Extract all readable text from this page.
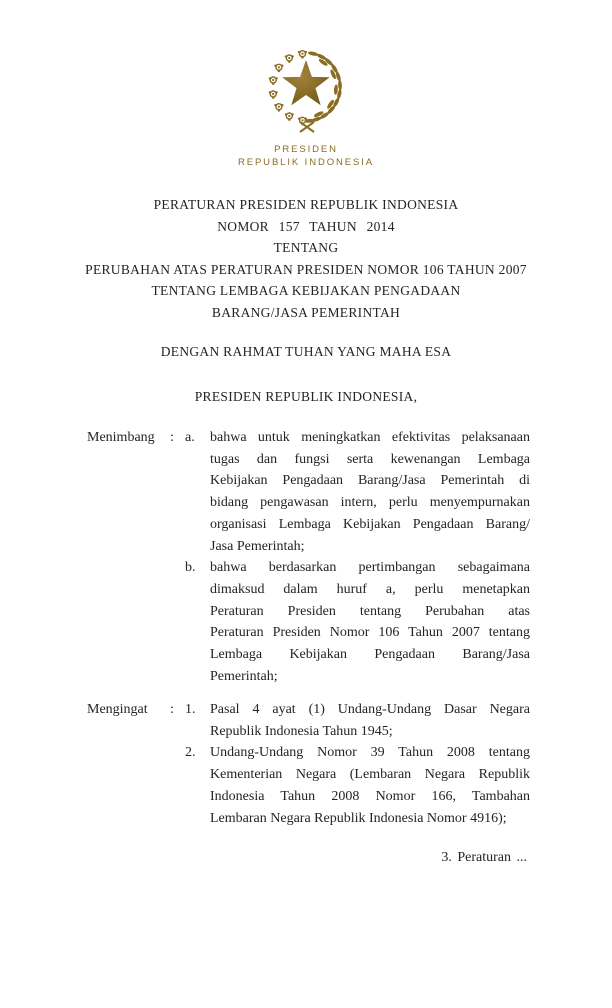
PRESIDEN
REPUBLIK INDONESIA
PERATURAN PRESIDEN REPUBLIK INDONESIA
NOMOR 157 TAHUN 2014
TENTANG
PERUBAHAN ATAS PERATURAN PRESIDEN NOMOR 106 TAHUN 2007
TENTANG LEMBAGA KEBIJAKAN PENGADAAN
BARANG/JASA PEMERINTAH
DENGAN RAHMAT TUHAN YANG MAHA ESA
PRESIDEN REPUBLIK INDONESIA,
Menimbang	: a.	bahwa untuk meningkatkan efektivitas pelaksanaan
tugas dan fungsi serta kewenangan Lembaga
Kebijakan Pengadaan Barang/Jasa Pemerintah di
bidang pengawasan intern, perlu menyempurnakan
organisasi Lembaga Kebijakan Pengadaan Barang/
Jasa Pemerintah;
b.	bahwa berdasarkan pertimbangan sebagaimana
dimaksud dalam huruf a, perlu menetapkan
Peraturan Presiden tentang Perubahan atas
Peraturan Presiden Nomor 106 Tahun 2007 tentang
Lembaga Kebijakan Pengadaan Barang/Jasa
Pemerintah;
Mengingat	: 1.	Pasal 4 ayat (1) Undang-Undang Dasar Negara
Republik Indonesia Tahun 1945;
2.	Undang-Undang Nomor 39 Tahun 2008 tentang
Kementerian Negara (Lembaran Negara Republik
Indonesia Tahun 2008 Nomor 166, Tambahan
Lembaran Negara Republik Indonesia Nomor 4916);
3. Peraturan ...
